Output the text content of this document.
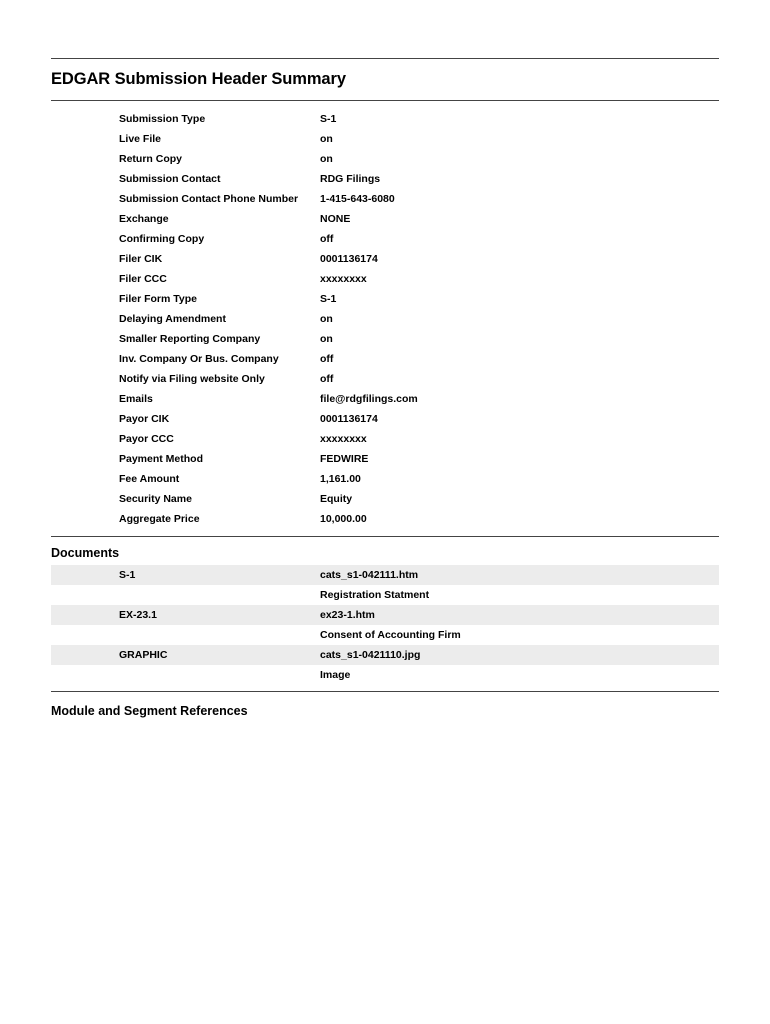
EDGAR Submission Header Summary
Submission Type	S-1
Live File	on
Return Copy	on
Submission Contact	RDG Filings
Submission Contact Phone Number	1-415-643-6080
Exchange	NONE
Confirming Copy	off
Filer CIK	0001136174
Filer CCC	xxxxxxxx
Filer Form Type	S-1
Delaying Amendment	on
Smaller Reporting Company	on
Inv. Company Or Bus. Company	off
Notify via Filing website Only	off
Emails	file@rdgfilings.com
Payor CIK	0001136174
Payor CCC	xxxxxxxx
Payment Method	FEDWIRE
Fee Amount	1,161.00
Security Name	Equity
Aggregate Price	10,000.00
Documents
S-1	cats_s1-042111.htm
Registration Statment
EX-23.1	ex23-1.htm
Consent of Accounting Firm
GRAPHIC	cats_s1-0421110.jpg
Image
Module and Segment References
